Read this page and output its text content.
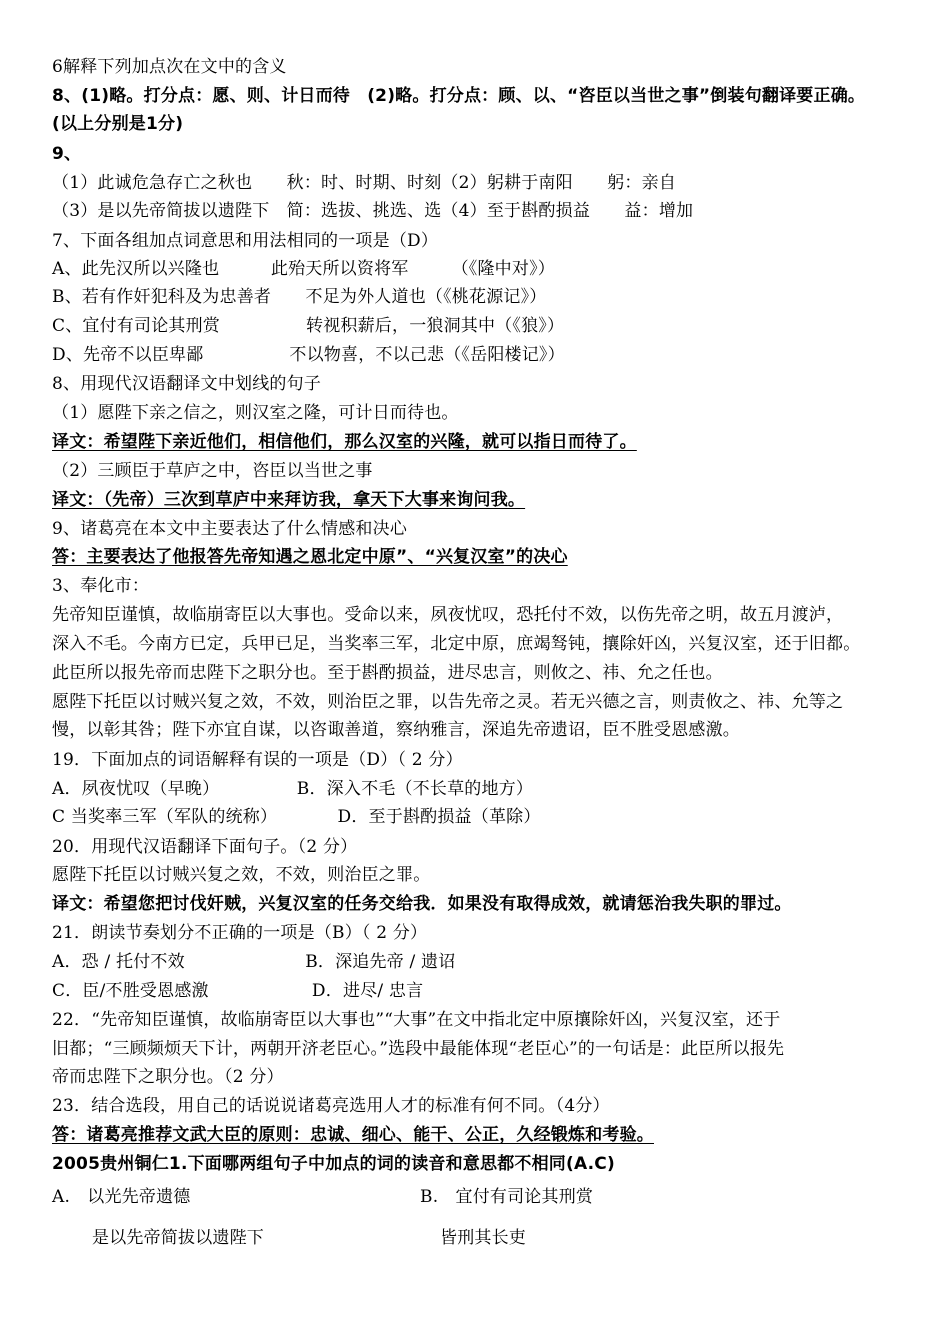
6解释下列加点次在文中的含义
8、(1)略。打分点：愿、则、计日而待　(2)略。打分点：顾、以、“咨臣以当世之事”倒装句翻译要正确。
(以上分别是1分)
9、
（1）此诚危急存亡之秋也　　秋：时、时期、时刻（2）躬耕于南阳　　躬：亲自
（3）是以先帝简拔以遗陛下　简：选拔、挑选、选（4）至于斟酌损益　　益：增加
7、下面各组加点词意思和用法相同的一项是（D）
A、此先汉所以兴隆也　　　此殆天所以资将军　　　（《隆中对》）
B、若有作奸犯科及为忠善者　　不足为外人道也（《桃花源记》）
C、宜付有司论其刑赏　　　　　转视积薪后，一狼洞其中（《狼》）
D、先帝不以臣卑鄙　　　　　不以物喜，不以己悲（《岳阳楼记》）
8、用现代汉语翻译文中划线的句子
（1）愿陛下亲之信之，则汉室之隆，可计日而待也。
译文：希望陛下亲近他们，相信他们，那么汉室的兴隆，就可以指日而待了。
（2）三顾臣于草庐之中，咨臣以当世之事
译文：（先帝）三次到草庐中来拜访我，拿天下大事来询问我。
9、诸葛亮在本文中主要表达了什么情感和决心
答：主要表达了他报答先帝知遇之恩北定中原”、“兴复汉室”的决心
3、奉化市：
先帝知臣谨慎，故临崩寄臣以大事也。受命以来，夙夜忧叹，恐托付不效，以伤先帝之明，故五月渡泸，
深入不毛。今南方已定，兵甲已足，当奖率三军，北定中原，庶竭驽钝，攘除奸凶，兴复汉室，还于旧都。
此臣所以报先帝而忠陛下之职分也。至于斟酌损益，进尽忠言，则攸之、祎、允之任也。
愿陛下托臣以讨贼兴复之效，不效，则治臣之罪，以告先帝之灵。若无兴德之言，则责攸之、祎、允等之
慢，以彰其咎；陛下亦宜自谋，以咨诹善道，察纳雅言，深追先帝遗诏，臣不胜受恩感激。
19．下面加点的词语解释有误的一项是（D）（ 2 分）
A．夙夜忧叹（早晚）　　　　　B．深入不毛（不长草的地方）
C 当奖率三军（军队的统称）　　　　D．至于斟酌损益（革除）
20．用现代汉语翻译下面句子。（2 分）
愿陛下托臣以讨贼兴复之效，不效，则治臣之罪。
译文：希望您把讨伐奸贼，兴复汉室的任务交给我．如果没有取得成效，就请惩治我失职的罪过。
21．朗读节奏划分不正确的一项是（B）（ 2 分）
A．恐 / 托付不效　　　　　　　B．深追先帝 / 遗诏
C．臣/不胜受恩感激　　　　　　D．进尽/ 忠言
22．“先帝知臣谨慎，故临崩寄臣以大事也”“大事”在文中指北定中原攘除奸凶，兴复汉室，还于
旧都；“三顾频烦天下计，两朝开济老臣心。”选段中最能体现“老臣心”的一句话是：此臣所以报先
帝而忠陛下之职分也。（2 分）
23．结合选段，用自己的话说说诸葛亮选用人才的标准有何不同。（4分）
答：诸葛亮推荐文武大臣的原则：忠诚、细心、能干、公正，久经锻炼和考验。
2005贵州铜仁1.下面哪两组句子中加点的词的读音和意思都不相同(A.C)
A.　以光先帝遗德	B.　宜付有司论其刑赏
是以先帝简拔以遗陛下	皆刑其长吏
